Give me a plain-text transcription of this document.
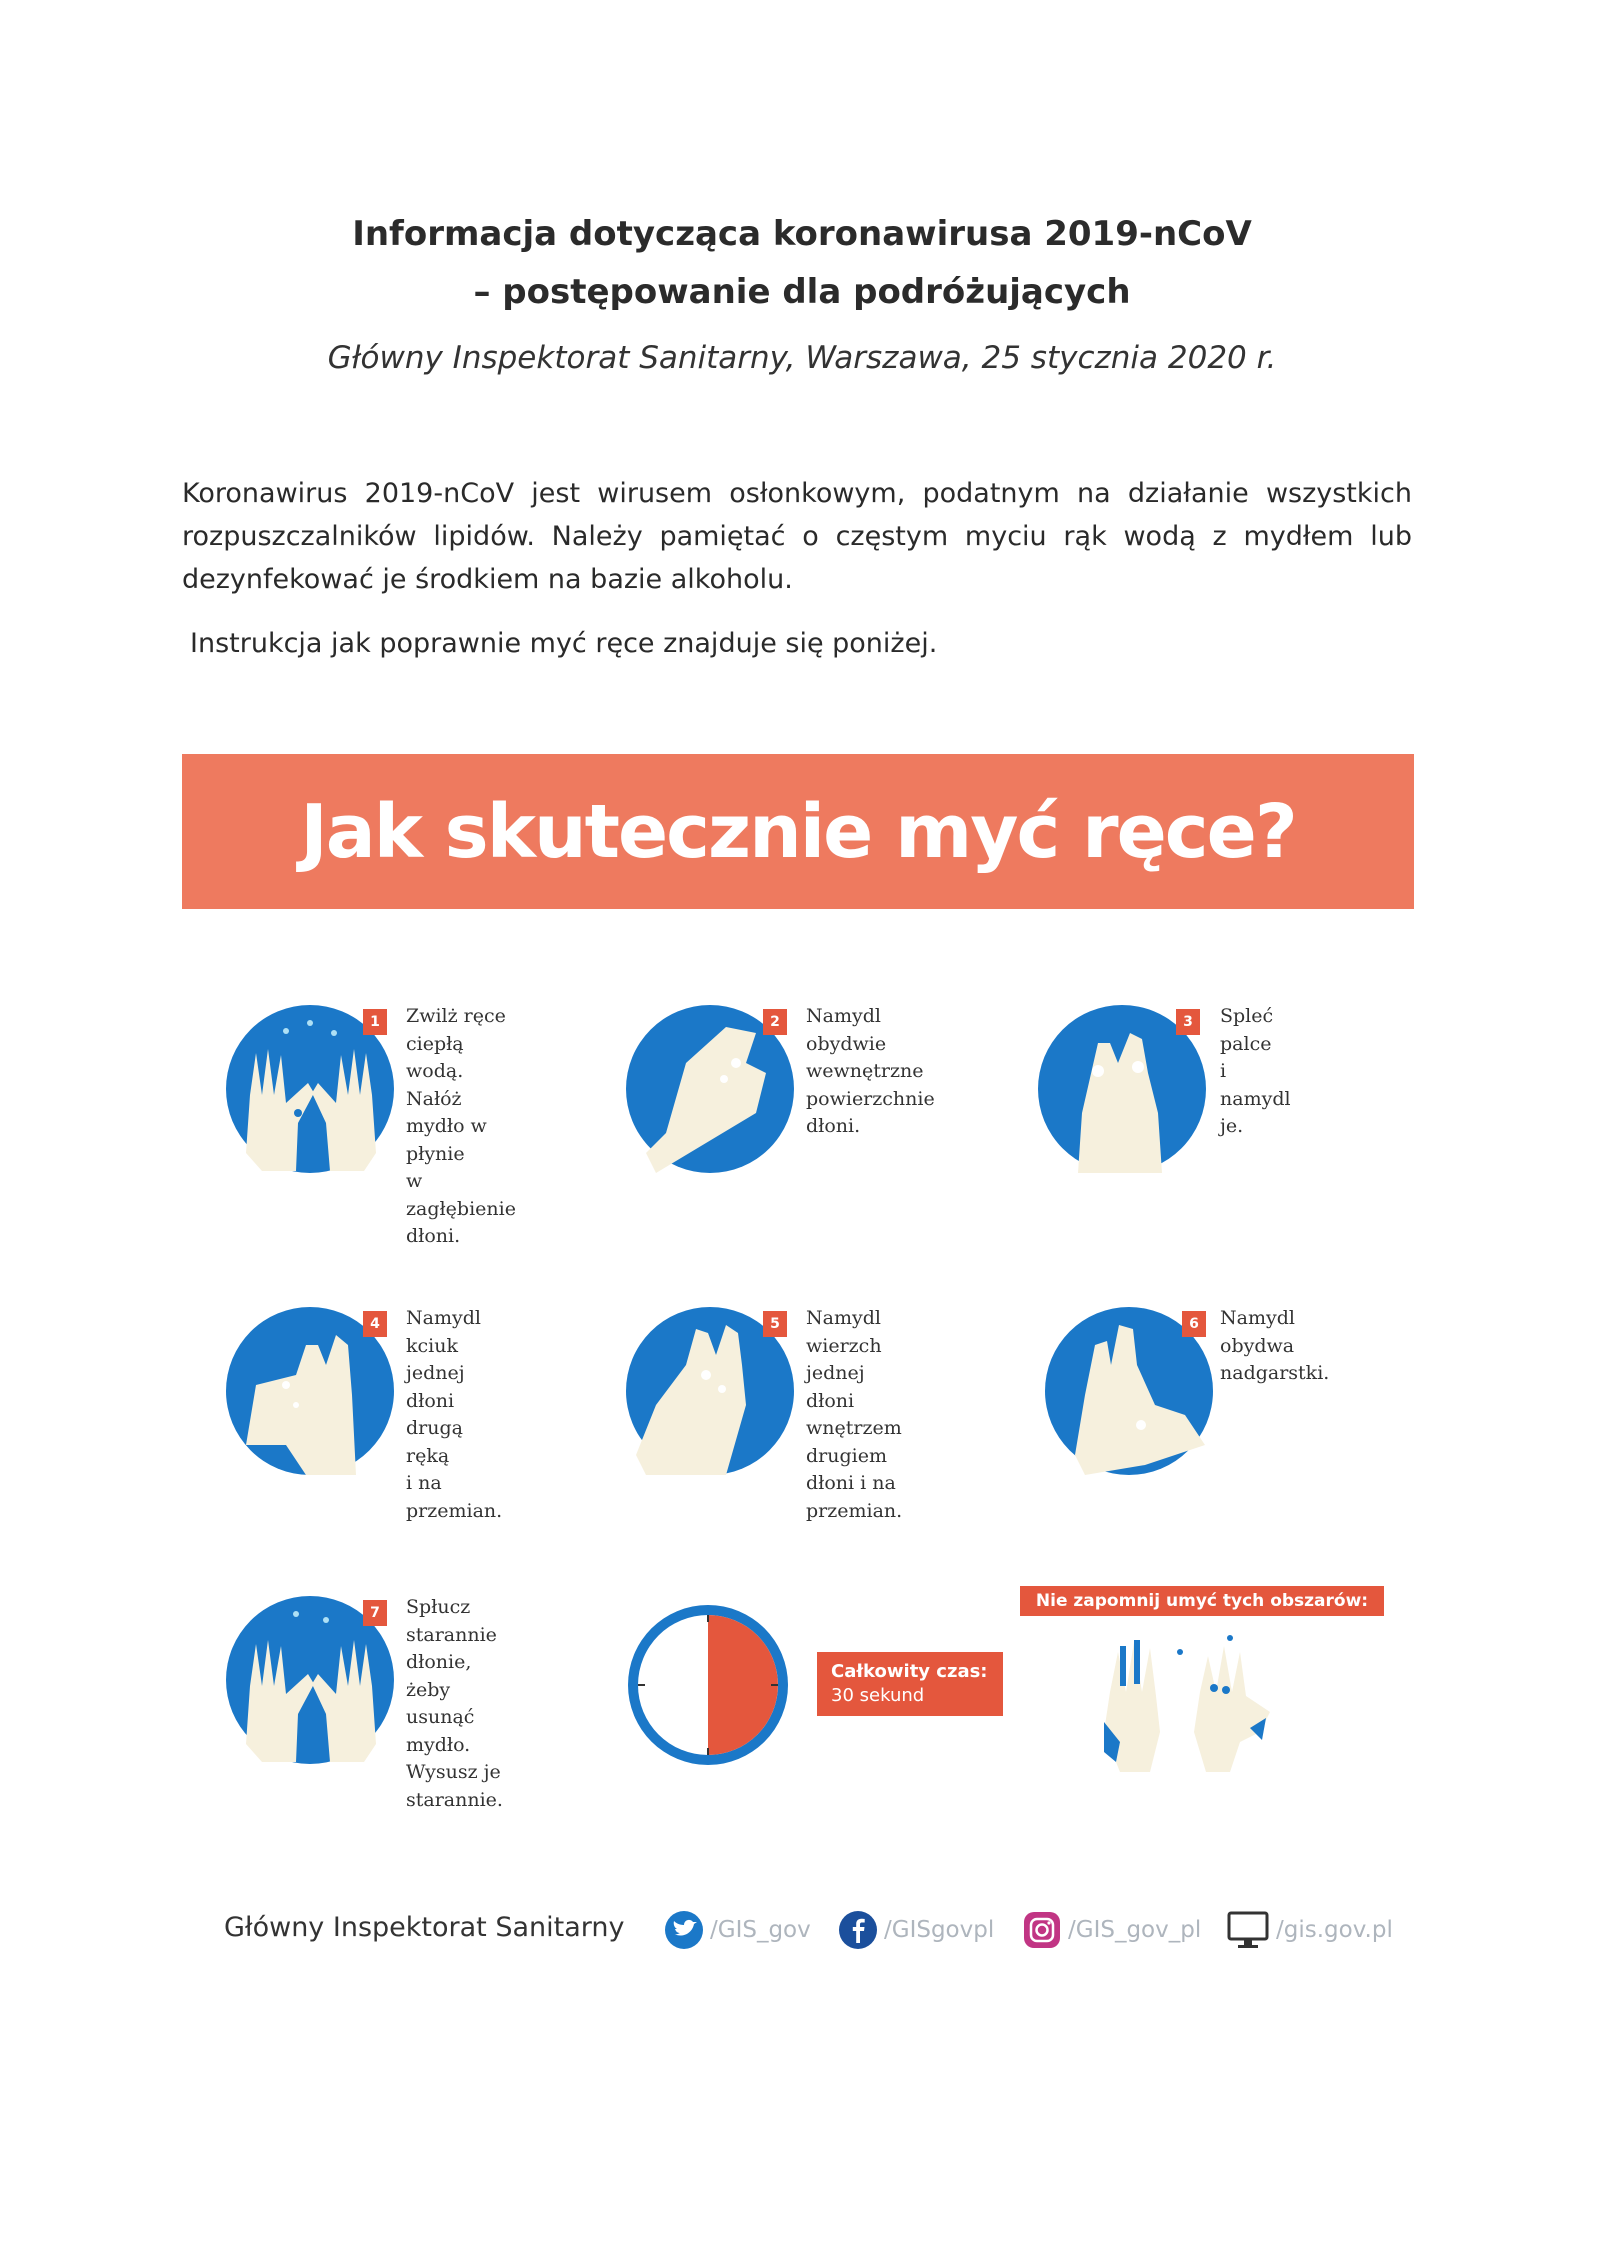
Informacja dotycząca koronawirusa 2019-nCoV
– postępowanie dla podróżujących
Główny Inspektorat Sanitarny, Warszawa, 25 stycznia 2020 r.

Koronawirus 2019-nCoV jest wirusem osłonkowym, podatnym na działanie wszystkich rozpuszczalników lipidów. Należy pamiętać o częstym myciu rąk wodą z mydłem lub dezynfekować je środkiem na bazie alkoholu.

Instrukcja jak poprawnie myć ręce znajduje się poniżej.

Jak skutecznie myć ręce?
1	Zwilż ręce ciepłą
wodą. Nałóż
mydło w płynie
w zagłębienie
dłoni.
2	Namydl obydwie
wewnętrzne
powierzchnie dłoni.
3	Spleć palce
i namydl je.
4	Namydl kciuk
jednej dłoni
drugą ręką
i na przemian.
5	Namydl wierzch
jednej dłoni
wnętrzem drugiem
dłoni i na przemian.
6	Namydl obydwa
nadgarstki.
7	Spłucz starannie
dłonie, żeby usunąć
mydło. Wysusz je
starannie.
Całkowity czas:
30 sekund
Nie zapomnij umyć tych obszarów:
Główny Inspektorat Sanitarny	/GIS_gov	/GISgovpl	/GIS_gov_pl	/gis.gov.pl
